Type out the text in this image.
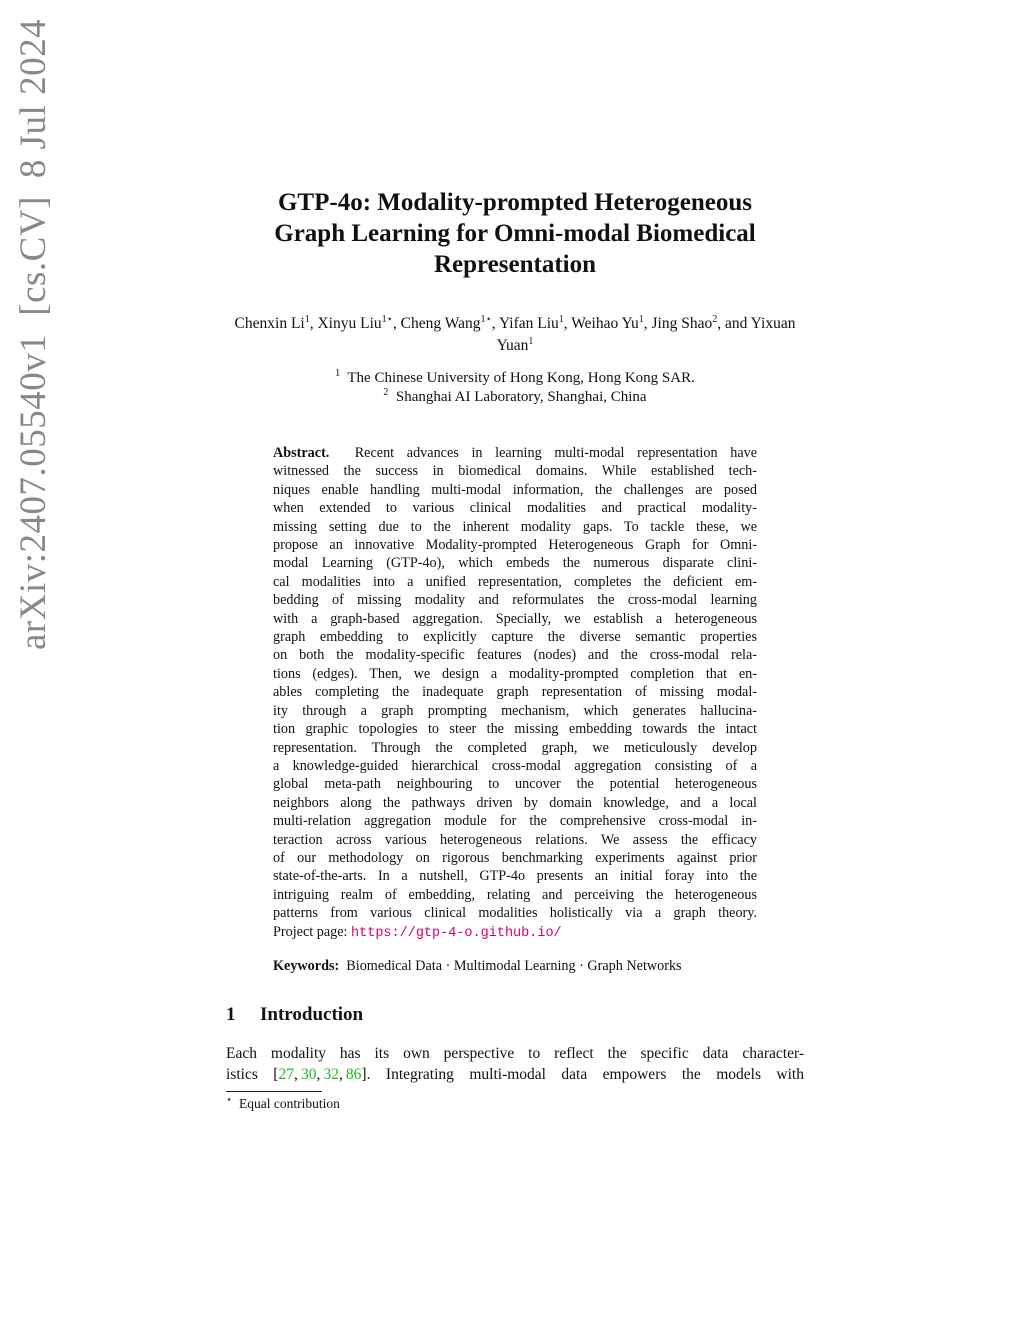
arXiv:2407.05540v1[cs.CV]8 Jul 2024
GTP-4o: Modality-prompted Heterogeneous
Graph Learning for Omni-modal Biomedical
Representation
Chenxin Li$^1$, Xinyu Liu$^{1⋆}$, Cheng Wang$^{1⋆}$, Yifan Liu$^1$, Weihao Yu$^1$, Jing Shao$^2$, and Yixuan Yuan$^1$
$^1$ The Chinese University of Hong Kong, Hong Kong SAR.
$^2$ Shanghai AI Laboratory, Shanghai, China
Abstract. Recent advances in learning multi-modal representation have
witnessed the success in biomedical domains. While established tech-
niques enable handling multi-modal information, the challenges are posed
when extended to various clinical modalities and practical modality-
missing setting due to the inherent modality gaps. To tackle these, we
propose an innovative Modality-prompted Heterogeneous Graph for Omni-
modal Learning (GTP-4o), which embeds the numerous disparate clini-
cal modalities into a unified representation, completes the deficient em-
bedding of missing modality and reformulates the cross-modal learning
with a graph-based aggregation. Specially, we establish a heterogeneous
graph embedding to explicitly capture the diverse semantic properties
on both the modality-specific features (nodes) and the cross-modal rela-
tions (edges). Then, we design a modality-prompted completion that en-
ables completing the inadequate graph representation of missing modal-
ity through a graph prompting mechanism, which generates hallucina-
tion graphic topologies to steer the missing embedding towards the intact
representation. Through the completed graph, we meticulously develop
a knowledge-guided hierarchical cross-modal aggregation consisting of a
global meta-path neighbouring to uncover the potential heterogeneous
neighbors along the pathways driven by domain knowledge, and a local
multi-relation aggregation module for the comprehensive cross-modal in-
teraction across various heterogeneous relations. We assess the efficacy
of our methodology on rigorous benchmarking experiments against prior
state-of-the-arts. In a nutshell, GTP-4o presents an initial foray into the
intriguing realm of embedding, relating and perceiving the heterogeneous
patterns from various clinical modalities holistically via a graph theory.
Project page: https://gtp-4-o.github.io/
Keywords: Biomedical Data · Multimodal Learning · Graph Networks
1 Introduction
Each modality has its own perspective to reflect the specific data character-
istics [27, 30, 32, 86]. Integrating multi-modal data empowers the models with
⋆ Equal contribution
